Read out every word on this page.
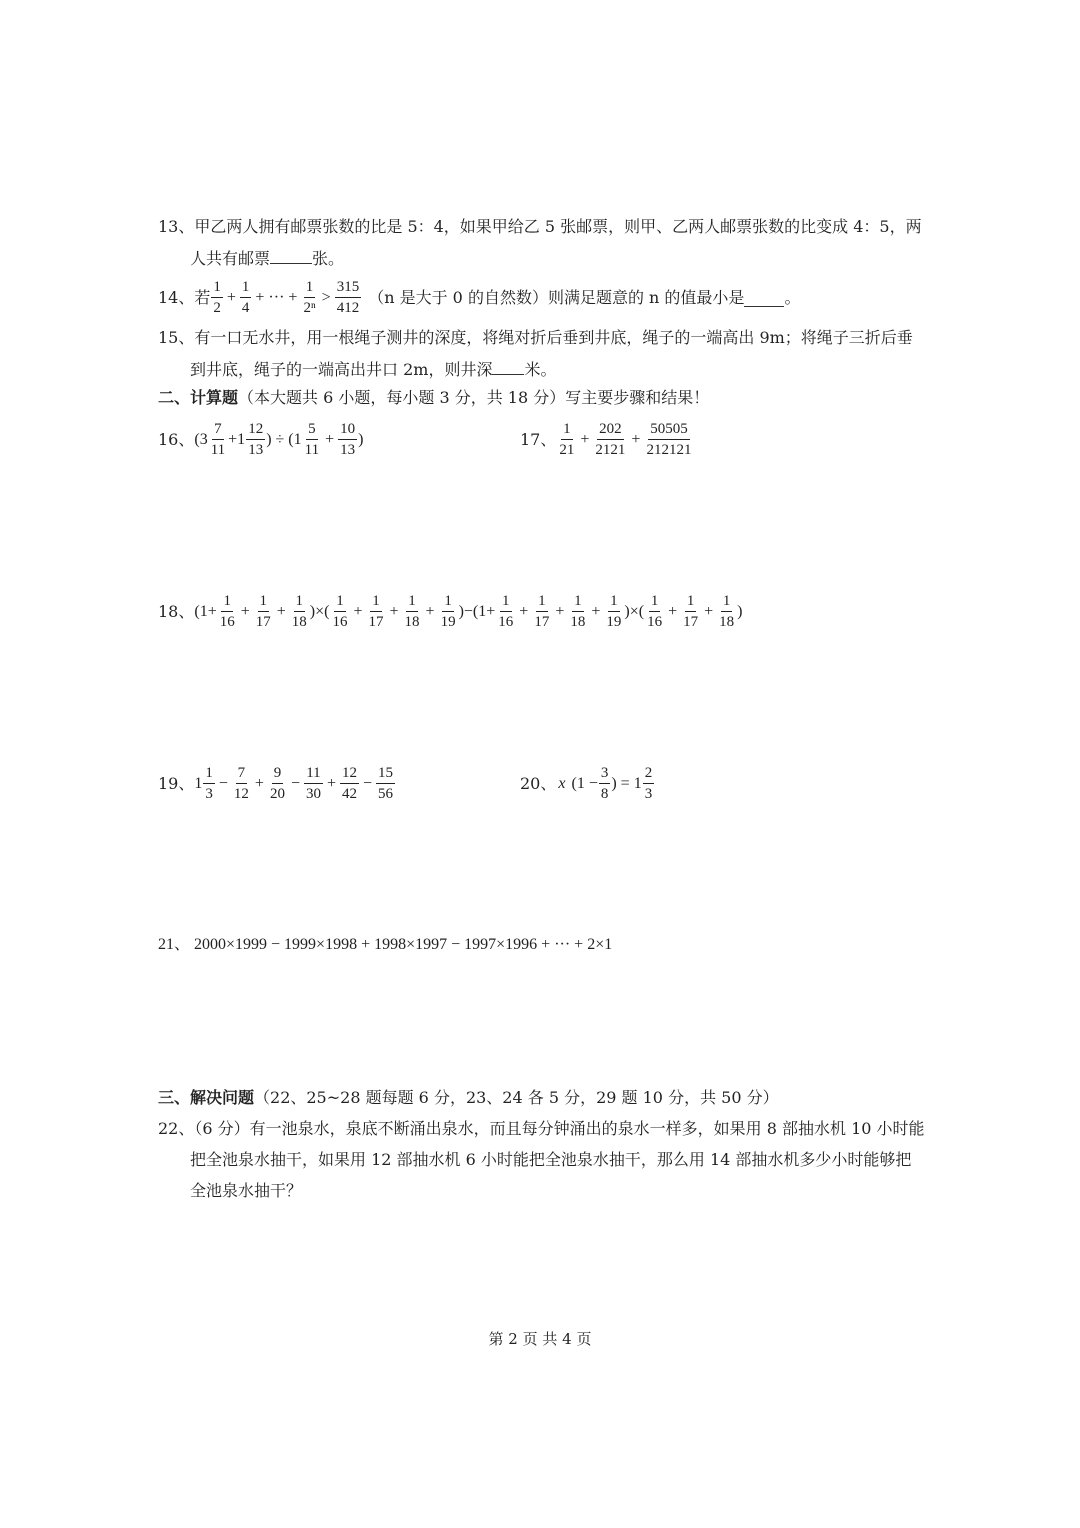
13、甲乙两人拥有邮票张数的比是 5：4，如果甲给乙 5 张邮票，则甲、乙两人邮票张数的比变成 4：5，两
人共有邮票	张。
14、若 $\frac{1}{2} + \frac{1}{4}$ + ··· + $\frac{1}{\text{2ⁿ}} > \frac{315}{412} (n$ 是大于 0 的自然数）则满足题意的 n 的值最小是	。
15、有一口无水井，用一根绳子测井的深度，将绳对折后垂到井底，绳子的一端高出 9m；将绳子三折后垂
到井底，绳子的一端高出井口 2m，则井深 米。
二、计算题（本大题共 6 小题，每小题 3 分，共 18 分）写主要步骤和结果！
16、 ($3 \frac{7}{11} +1 \frac{12}{13}$ ) ÷ ($1 \frac{5}{11} + \frac{10}{13}$ )	17、 $\frac{1}{21} + \frac{202}{2121} + \frac{50505}{212121}$
18、 ($1+ \frac{1}{16} + \frac{1}{17} + \frac{1}{18}$ )×( $\frac{1}{16} + \frac{1}{17} + \frac{1}{18} + \frac{1}{19} )-(1+ \frac{1}{16} + \frac{1}{17} + \frac{1}{18} + \frac{1}{19}$ )×( $\frac{1}{16} + \frac{1}{17} + \frac{1}{18}$ )
19、 $1 \frac{1}{3} - \frac{7}{12} + \frac{9}{20} - \frac{11}{30} + \frac{12}{42} - \frac{15}{56}$	20、 x ($1 - \frac{3}{8}$ ) = $1 \frac{2}{3}$
21、 2000×1999 − 1999×1998 + 1998×1997 − 1997×1996 + ··· + 2×1
三、解决问题（22、25~28 题每题 6 分，23、24 各 5 分，29 题 10 分，共 50 分）
22、（6 分）有一池泉水，泉底不断涌出泉水，而且每分钟涌出的泉水一样多，如果用 8 部抽水机 10 小时能
把全池泉水抽干，如果用 12 部抽水机 6 小时能把全池泉水抽干，那么用 14 部抽水机多少小时能够把
全池泉水抽干？
第 2 页 共 4 页
